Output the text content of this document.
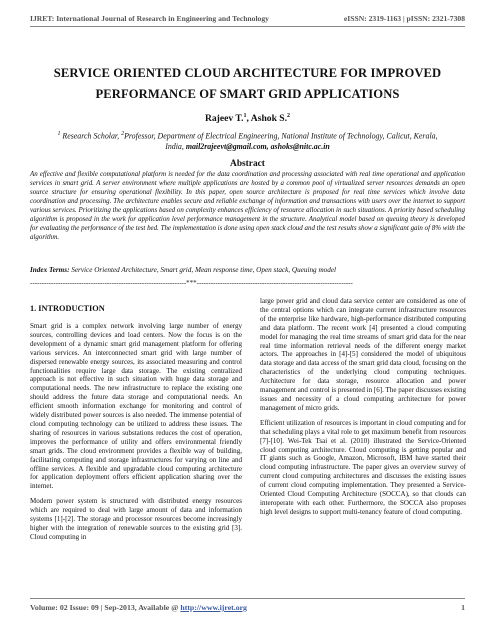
IJRET: International Journal of Research in Engineering and Technology	eISSN: 2319-1163 | pISSN: 2321-7308
SERVICE ORIENTED CLOUD ARCHITECTURE FOR IMPROVED
PERFORMANCE OF SMART GRID APPLICATIONS
Rajeev T.$^1$, Ashok S.$^2$
$^1$ Research Scholar, $^2$Professor, Department of Electrical Engineering, National Institute of Technology, Calicut, Kerala,
India, mail2rajeevt@gmail.com, ashoks@nitc.ac.in
Abstract
An effective and flexible computational platform is needed for the data coordination and processing associated with real time operational and application services in smart grid. A server environment where multiple applications are hosted by a common pool of virtualized server resources demands an open source structure for ensuring operational flexibility. In this paper, open source architecture is proposed for real time services which involve data coordination and processing. The architecture enables secure and reliable exchange of information and transactions with users over the internet to support various services. Prioritizing the applications based on complexity enhances efficiency of resource allocation in such situations. A priority based scheduling algorithm is proposed in the work for application level performance management in the structure. Analytical model based on queuing theory is developed for evaluating the performance of the test bed. The implementation is done using open stack cloud and the test results show a significant gain of 8% with the algorithm.
Index Terms: Service Oriented Architecture, Smart grid, Mean response time, Open stack, Queuing model
-------------------------------------------------------------------***-------------------------------------------------------------------
1. INTRODUCTION

Smart grid is a complex network involving large number of energy sources, controlling devices and load centers. Now the focus is on the development of a dynamic smart grid management platform for offering various services. An interconnected smart grid with large number of dispersed renewable energy sources, its associated measuring and control functionalities require large data storage. The existing centralized approach is not effective in such situation with huge data storage and computational needs. The new infrastructure to replace the existing one should address the future data storage and computational needs. An efficient smooth information exchange for monitoring and control of widely distributed power sources is also needed. The immense potential of cloud computing technology can be utilized to address these issues. The sharing of resources in various substations reduces the cost of operation, improves the performance of utility and offers environmental friendly smart grids. The cloud environment provides a flexible way of building, facilitating computing and storage infrastructures for varying on line and offline services. A flexible and upgradable cloud computing architecture for application deployment offers efficient application sharing over the internet.

Modern power system is structured with distributed energy resources which are required to deal with large amount of data and information systems [1]-[2]. The storage and processor resources become increasingly higher with the integration of renewable sources to the existing grid [3]. Cloud computing in

large power grid and cloud data service center are considered as one of the central options which can integrate current infrastructure resources of the enterprise like hardware, high-performance distributed computing and data platform. The recent work [4] presented a cloud computing model for managing the real time streams of smart grid data for the near real time information retrieval needs of the different energy market actors. The approaches in [4]-[5] considered the model of ubiquitous data storage and data access of the smart grid data cloud, focusing on the characteristics of the underlying cloud computing techniques. Architecture for data storage, resource allocation and power management and control is presented in [6]. The paper discusses existing issues and necessity of a cloud computing architecture for power management of micro grids.

Efficient utilization of resources is important in cloud computing and for that scheduling plays a vital role to get maximum benefit from resources [7]-[10]. Wei-Tek Tsai et al. (2010) illustrated the Service-Oriented cloud computing architecture. Cloud computing is getting popular and IT giants such as Google, Amazon, Microsoft, IBM have started their cloud computing infrastructure. The paper gives an overview survey of current cloud computing architectures and discusses the existing issues of current cloud computing implementation. They presented a Service-Oriented Cloud Computing Architecture (SOCCA), so that clouds can interoperate with each other. Furthermore, the SOCCA also proposes high level designs to support multi-tenancy feature of cloud computing.

Volume: 02 Issue: 09 | Sep-2013, Available @ http://www.ijret.org	1
